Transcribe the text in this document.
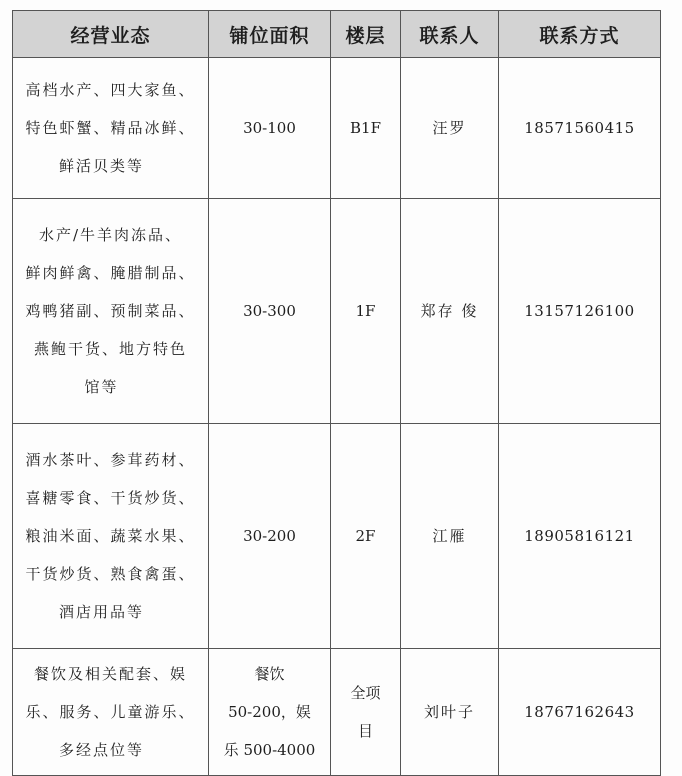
经营业态	铺位面积	楼层	联系人	联系方式

高档水产、四大家鱼、
特色虾蟹、精品冰鲜、
鲜活贝类等	30-100	B1F	汪罗	18571560415

水产/牛羊肉冻品、
鲜肉鲜禽、腌腊制品、
鸡鸭猪副、预制菜品、
燕鲍干货、地方特色
馆等	30-300	1F	郑存 俊	13157126100

酒水茶叶、参茸药材、
喜糖零食、干货炒货、
粮油米面、蔬菜水果、
干货炒货、熟食禽蛋、
酒店用品等	30-200	2F	江雁	18905816121

餐饮及相关配套、娱
乐、服务、儿童游乐、
多经点位等	餐饮
50-200，娱
乐 500-4000	全项
目	刘叶子	18767162643
